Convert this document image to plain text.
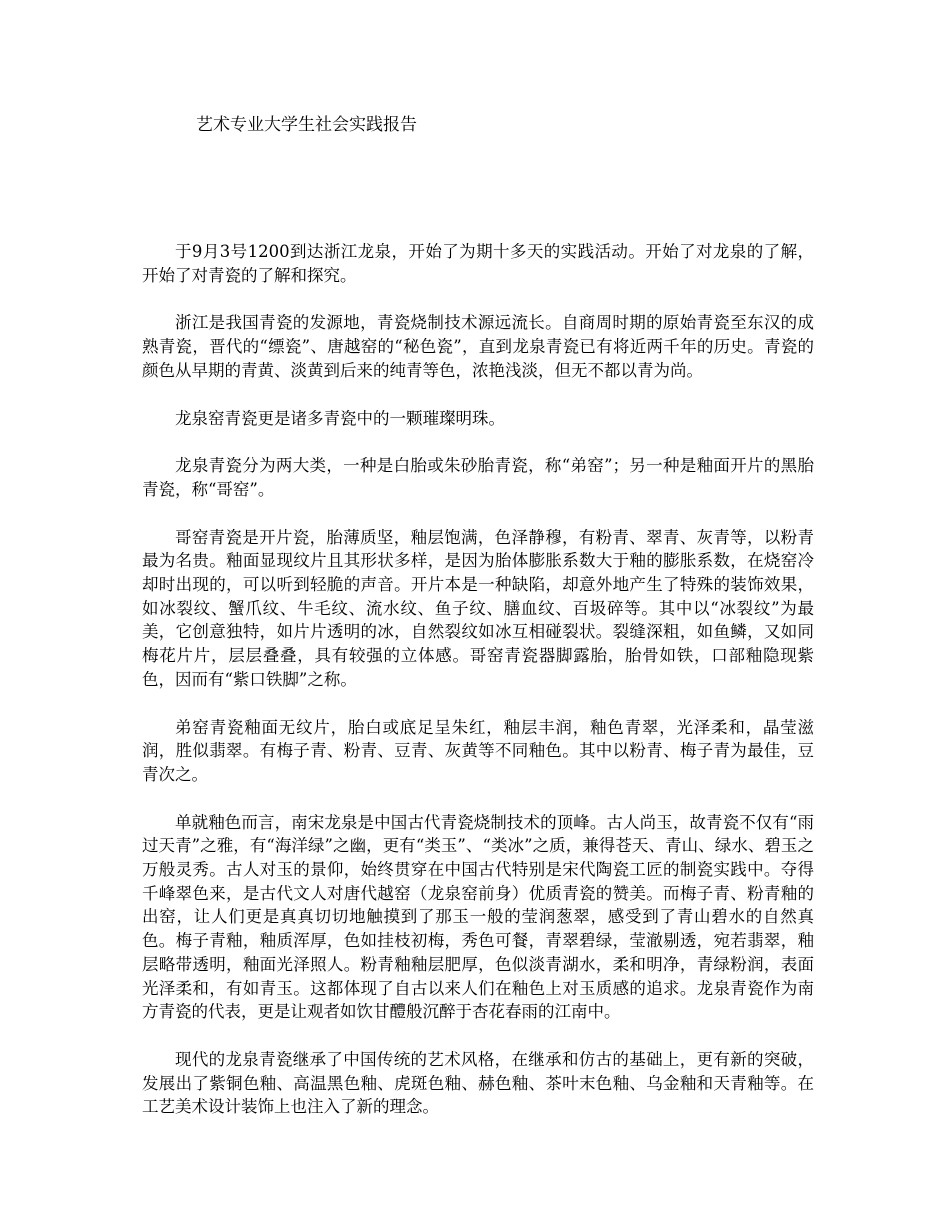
艺术专业大学生社会实践报告

于9月3号1200到达浙江龙泉，开始了为期十多天的实践活动。开始了对龙泉的了解，开始了对青瓷的了解和探究。

浙江是我国青瓷的发源地，青瓷烧制技术源远流长。自商周时期的原始青瓷至东汉的成熟青瓷，晋代的“缥瓷”、唐越窑的“秘色瓷”，直到龙泉青瓷已有将近两千年的历史。青瓷的颜色从早期的青黄、淡黄到后来的纯青等色，浓艳浅淡，但无不都以青为尚。

龙泉窑青瓷更是诸多青瓷中的一颗璀璨明珠。

龙泉青瓷分为两大类，一种是白胎或朱砂胎青瓷，称“弟窑”；另一种是釉面开片的黑胎青瓷，称“哥窑”。

哥窑青瓷是开片瓷，胎薄质坚，釉层饱满，色泽静穆，有粉青、翠青、灰青等，以粉青最为名贵。釉面显现纹片且其形状多样，是因为胎体膨胀系数大于釉的膨胀系数，在烧窑冷却时出现的，可以听到轻脆的声音。开片本是一种缺陷，却意外地产生了特殊的装饰效果，如冰裂纹、蟹爪纹、牛毛纹、流水纹、鱼子纹、膳血纹、百圾碎等。其中以“冰裂纹”为最美，它创意独特，如片片透明的冰，自然裂纹如冰互相碰裂状。裂缝深粗，如鱼鳞，又如同梅花片片，层层叠叠，具有较强的立体感。哥窑青瓷器脚露胎，胎骨如铁，口部釉隐现紫色，因而有“紫口铁脚”之称。

弟窑青瓷釉面无纹片，胎白或底足呈朱红，釉层丰润，釉色青翠，光泽柔和，晶莹滋润，胜似翡翠。有梅子青、粉青、豆青、灰黄等不同釉色。其中以粉青、梅子青为最佳，豆青次之。

单就釉色而言，南宋龙泉是中国古代青瓷烧制技术的顶峰。古人尚玉，故青瓷不仅有“雨过天青”之雅，有“海洋绿”之幽，更有“类玉”、“类冰”之质，兼得苍天、青山、绿水、碧玉之万般灵秀。古人对玉的景仰，始终贯穿在中国古代特别是宋代陶瓷工匠的制瓷实践中。夺得千峰翠色来，是古代文人对唐代越窑（龙泉窑前身）优质青瓷的赞美。而梅子青、粉青釉的出窑，让人们更是真真切切地触摸到了那玉一般的莹润葱翠，感受到了青山碧水的自然真色。梅子青釉，釉质浑厚，色如挂枝初梅，秀色可餐，青翠碧绿，莹澈剔透，宛若翡翠，釉层略带透明，釉面光泽照人。粉青釉釉层肥厚，色似淡青湖水，柔和明净，青绿粉润，表面光泽柔和，有如青玉。这都体现了自古以来人们在釉色上对玉质感的追求。龙泉青瓷作为南方青瓷的代表，更是让观者如饮甘醴般沉醉于杏花春雨的江南中。

现代的龙泉青瓷继承了中国传统的艺术风格，在继承和仿古的基础上，更有新的突破，发展出了紫铜色釉、高温黑色釉、虎斑色釉、赫色釉、茶叶末色釉、乌金釉和天青釉等。在工艺美术设计装饰上也注入了新的理念。
